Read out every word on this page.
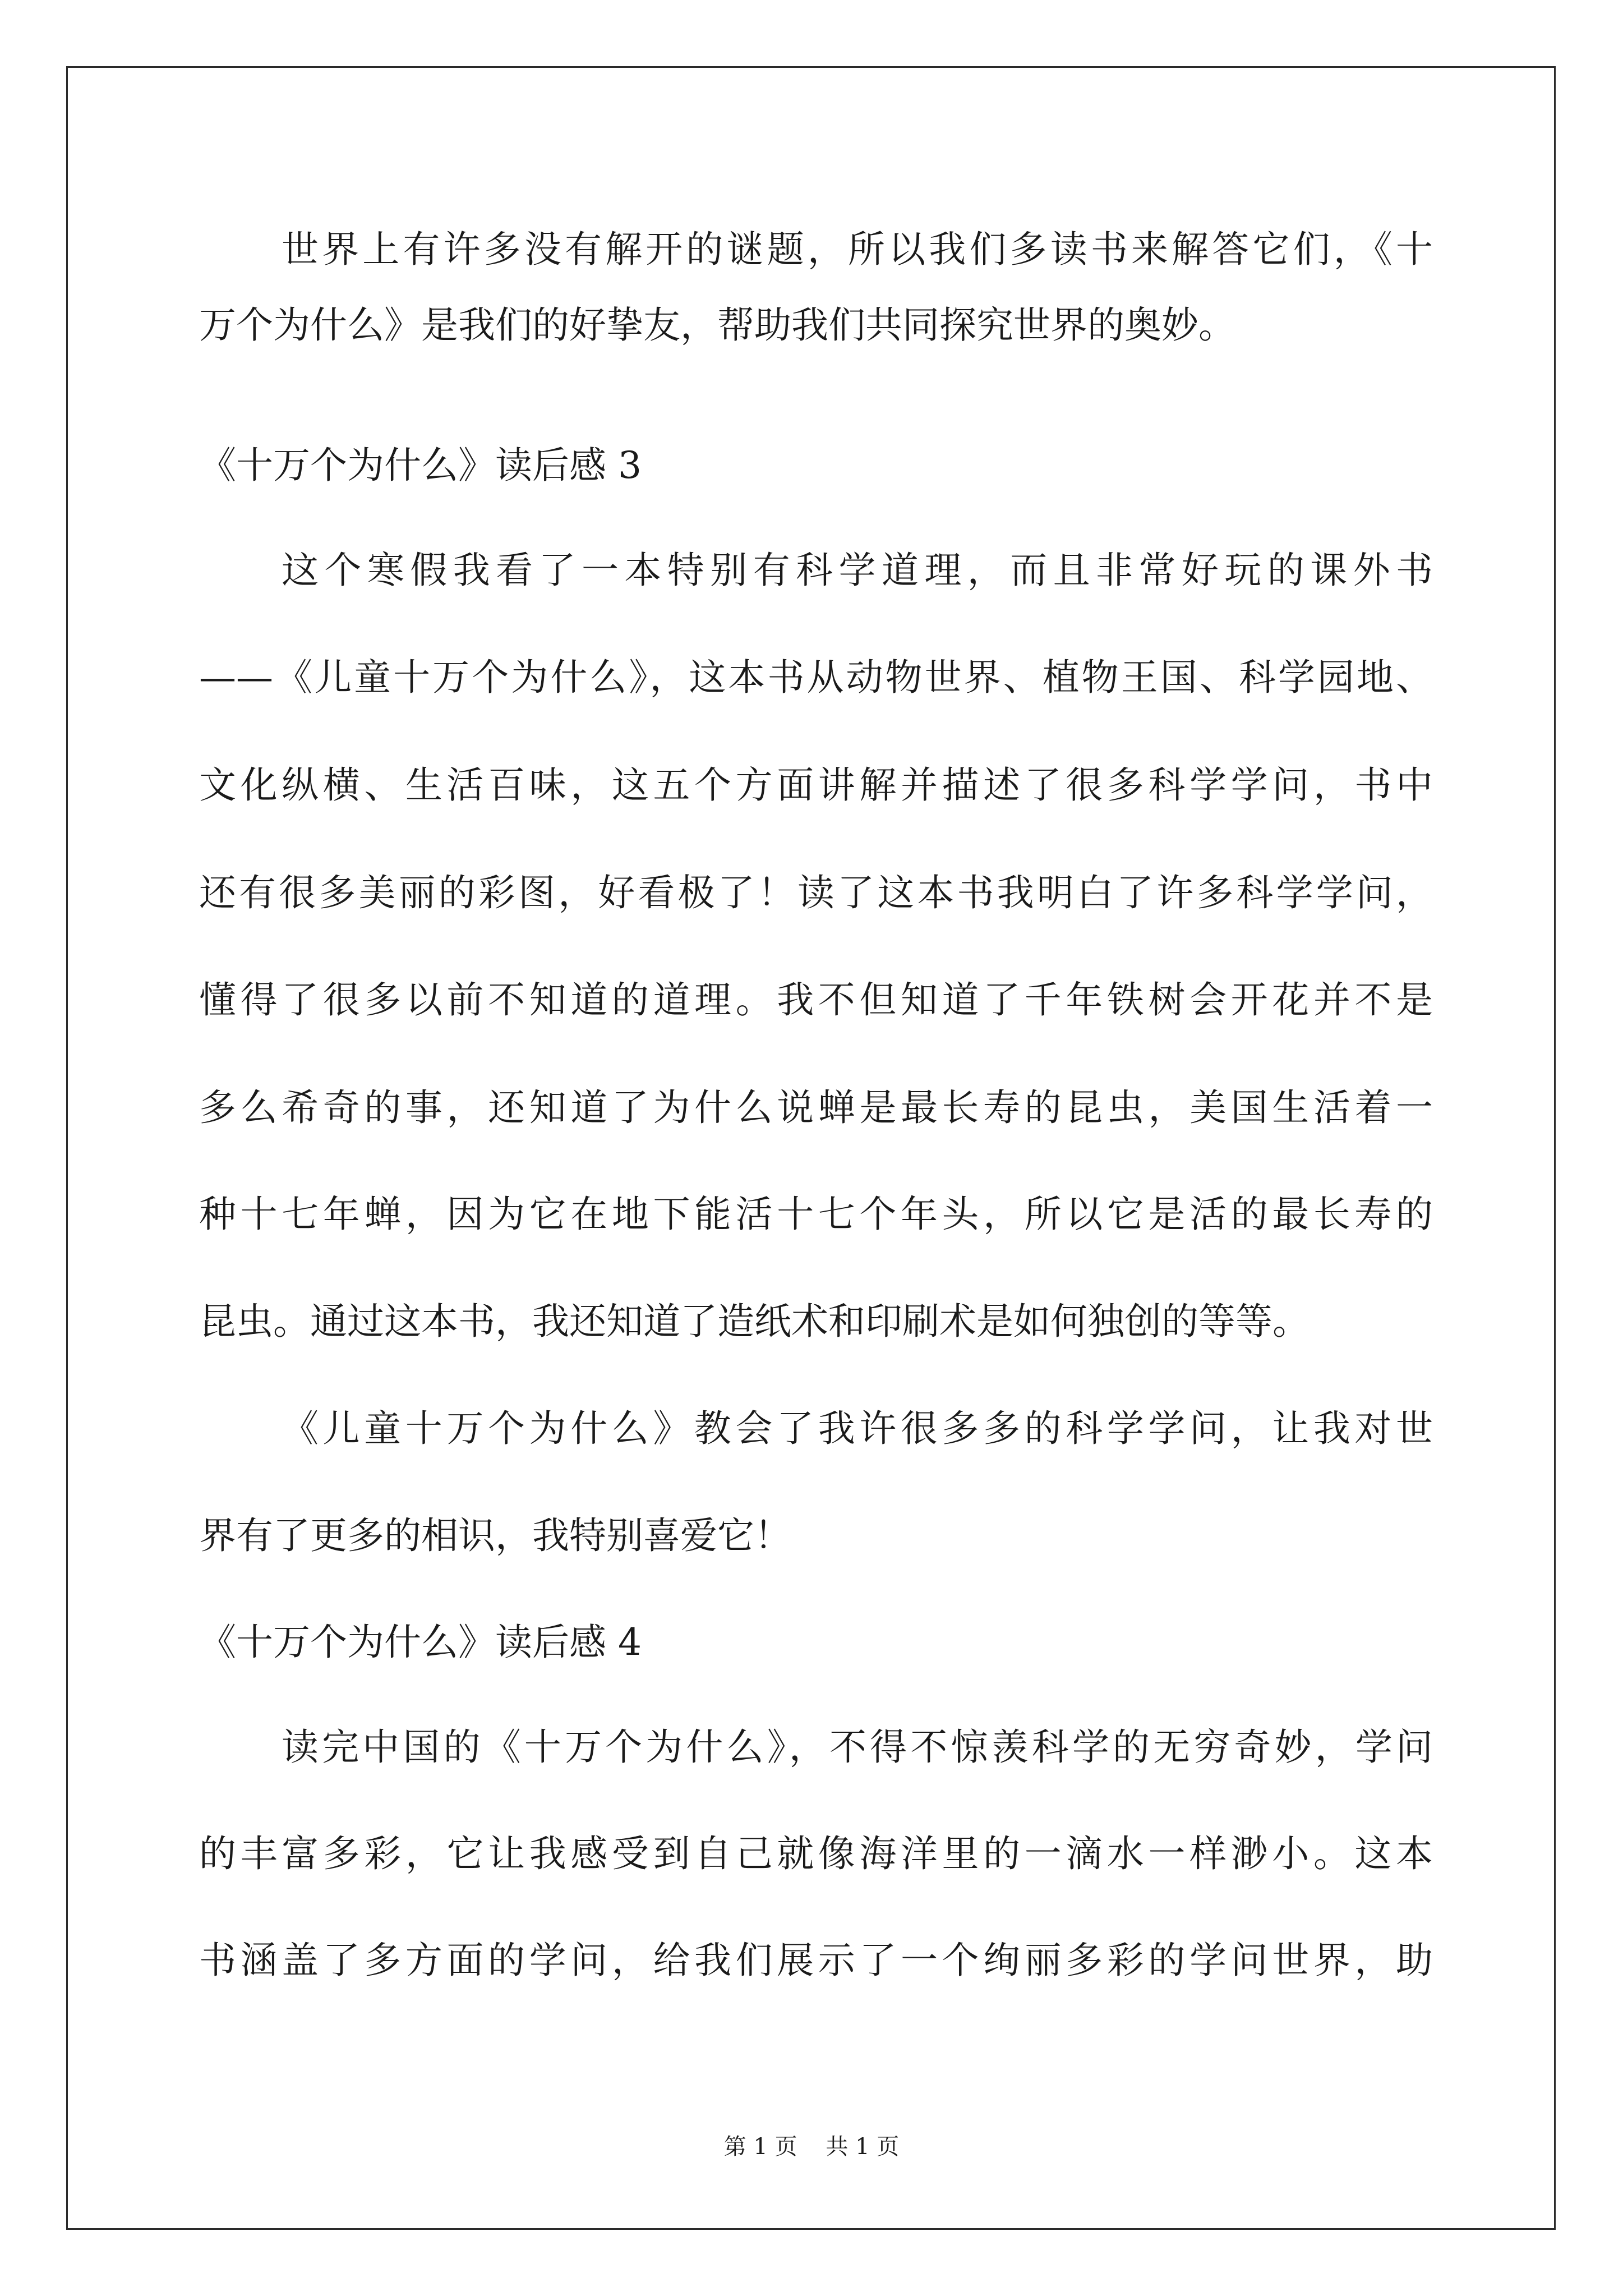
世界上有许多没有解开的谜题，所以我们多读书来解答它们，《十
万个为什么》是我们的好挚友，帮助我们共同探究世界的奥妙。
《十万个为什么》读后感 3
这个寒假我看了一本特别有科学道理，而且非常好玩的课外书
——《儿童十万个为什么》，这本书从动物世界、植物王国、科学园地、
文化纵横、生活百味，这五个方面讲解并描述了很多科学学问，书中
还有很多美丽的彩图，好看极了！读了这本书我明白了许多科学学问，
懂得了很多以前不知道的道理。我不但知道了千年铁树会开花并不是
多么希奇的事，还知道了为什么说蝉是最长寿的昆虫，美国生活着一
种十七年蝉，因为它在地下能活十七个年头，所以它是活的最长寿的
昆虫。通过这本书，我还知道了造纸术和印刷术是如何独创的等等。
《儿童十万个为什么》教会了我许很多多的科学学问，让我对世
界有了更多的相识，我特别喜爱它！
《十万个为什么》读后感 4
读完中国的《十万个为什么》，不得不惊羡科学的无穷奇妙，学问
的丰富多彩，它让我感受到自己就像海洋里的一滴水一样渺小。这本
书涵盖了多方面的学问，给我们展示了一个绚丽多彩的学问世界，助
第 1 页    共 1 页
